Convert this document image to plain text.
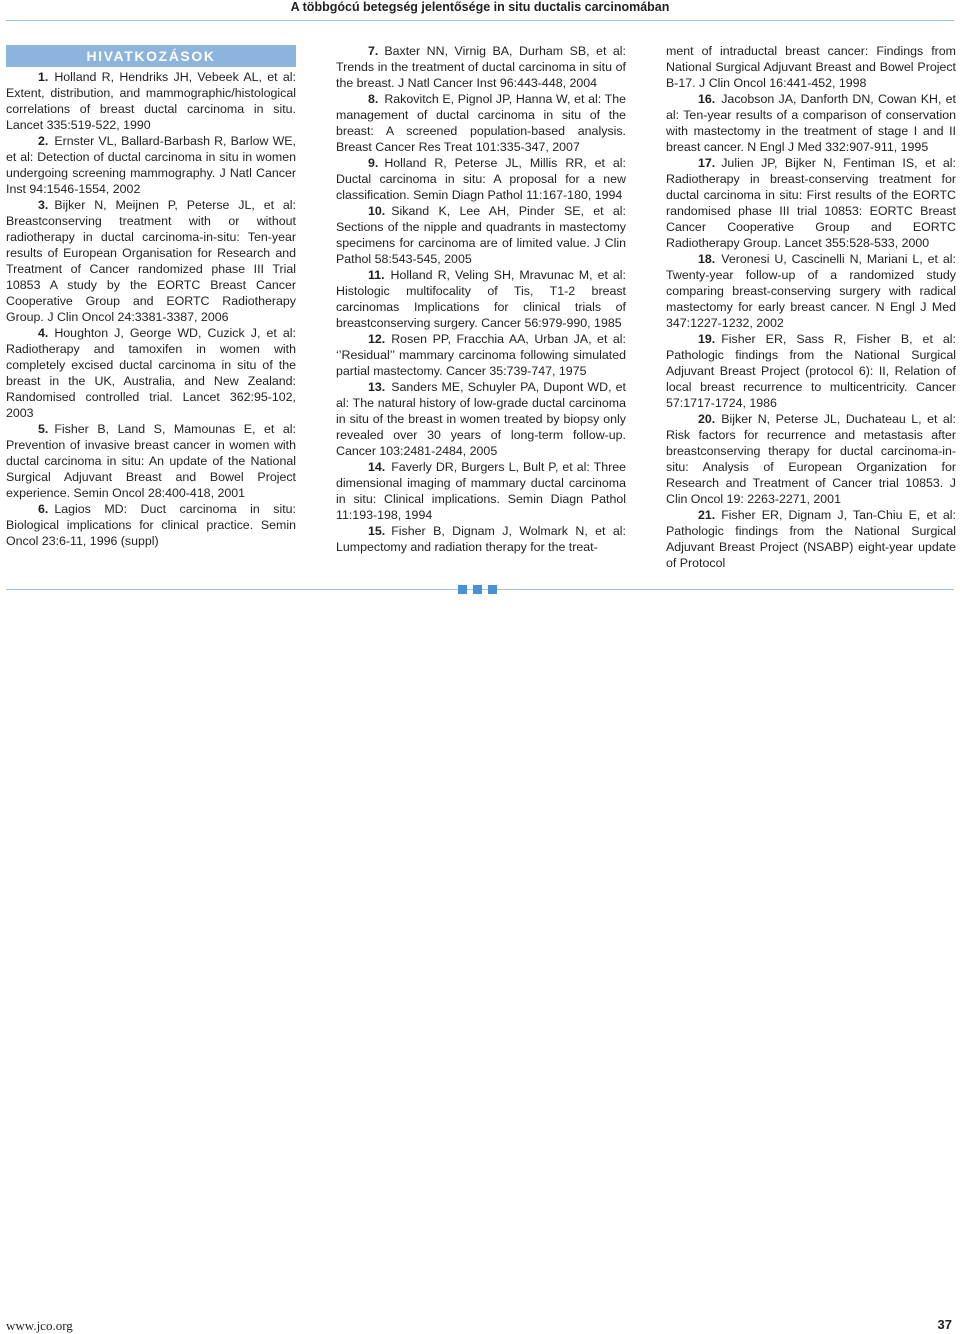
A többgócú betegség jelentősége in situ ductalis carcinomában
HIVATKOZÁSOK

1. Holland R, Hendriks JH, Vebeek AL, et al: Extent, distribution, and mammographic/histological correlations of breast ductal carcinoma in situ. Lancet 335:519-522, 1990

2. Ernster VL, Ballard-Barbash R, Barlow WE, et al: Detection of ductal carcinoma in situ in women undergoing screening mammography. J Natl Cancer Inst 94:1546-1554, 2002

3. Bijker N, Meijnen P, Peterse JL, et al: Breastconserving treatment with or without radiotherapy in ductal carcinoma-in-situ: Ten-year results of European Organisation for Research and Treatment of Cancer randomized phase III Trial 10853 A study by the EORTC Breast Cancer Cooperative Group and EORTC Radiotherapy Group. J Clin Oncol 24:3381-3387, 2006

4. Houghton J, George WD, Cuzick J, et al: Radiotherapy and tamoxifen in women with completely excised ductal carcinoma in situ of the breast in the UK, Australia, and New Zealand: Randomised controlled trial. Lancet 362:95-102, 2003

5. Fisher B, Land S, Mamounas E, et al: Prevention of invasive breast cancer in women with ductal carcinoma in situ: An update of the National Surgical Adjuvant Breast and Bowel Project experience. Semin Oncol 28:400-418, 2001

6. Lagios MD: Duct carcinoma in situ: Biological implications for clinical practice. Semin Oncol 23:6-11, 1996 (suppl)

7. Baxter NN, Virnig BA, Durham SB, et al: Trends in the treatment of ductal carcinoma in situ of the breast. J Natl Cancer Inst 96:443-448, 2004

8. Rakovitch E, Pignol JP, Hanna W, et al: The management of ductal carcinoma in situ of the breast: A screened population-based analysis. Breast Cancer Res Treat 101:335-347, 2007

9. Holland R, Peterse JL, Millis RR, et al: Ductal carcinoma in situ: A proposal for a new classification. Semin Diagn Pathol 11:167-180, 1994

10. Sikand K, Lee AH, Pinder SE, et al: Sections of the nipple and quadrants in mastectomy specimens for carcinoma are of limited value. J Clin Pathol 58:543-545, 2005

11. Holland R, Veling SH, Mravunac M, et al: Histologic multifocality of Tis, T1-2 breast carcinomas Implications for clinical trials of breastconserving surgery. Cancer 56:979-990, 1985

12. Rosen PP, Fracchia AA, Urban JA, et al: ‘’Residual’’ mammary carcinoma following simulated partial mastectomy. Cancer 35:739-747, 1975

13. Sanders ME, Schuyler PA, Dupont WD, et al: The natural history of low-grade ductal carcinoma in situ of the breast in women treated by biopsy only revealed over 30 years of long-term follow-up. Cancer 103:2481-2484, 2005

14. Faverly DR, Burgers L, Bult P, et al: Three dimensional imaging of mammary ductal carcinoma in situ: Clinical implications. Semin Diagn Pathol 11:193-198, 1994

15. Fisher B, Dignam J, Wolmark N, et al: Lumpectomy and radiation therapy for the treat-

ment of intraductal breast cancer: Findings from National Surgical Adjuvant Breast and Bowel Project B-17. J Clin Oncol 16:441-452, 1998

16. Jacobson JA, Danforth DN, Cowan KH, et al: Ten-year results of a comparison of conservation with mastectomy in the treatment of stage I and II breast cancer. N Engl J Med 332:907-911, 1995

17. Julien JP, Bijker N, Fentiman IS, et al: Radiotherapy in breast-conserving treatment for ductal carcinoma in situ: First results of the EORTC randomised phase III trial 10853: EORTC Breast Cancer Cooperative Group and EORTC Radiotherapy Group. Lancet 355:528-533, 2000

18. Veronesi U, Cascinelli N, Mariani L, et al: Twenty-year follow-up of a randomized study comparing breast-conserving surgery with radical mastectomy for early breast cancer. N Engl J Med 347:1227-1232, 2002

19. Fisher ER, Sass R, Fisher B, et al: Pathologic findings from the National Surgical Adjuvant Breast Project (protocol 6): II, Relation of local breast recurrence to multicentricity. Cancer 57:1717-1724, 1986

20. Bijker N, Peterse JL, Duchateau L, et al: Risk factors for recurrence and metastasis after breastconserving therapy for ductal carcinoma-in-situ: Analysis of European Organization for Research and Treatment of Cancer trial 10853. J Clin Oncol 19: 2263-2271, 2001

21. Fisher ER, Dignam J, Tan-Chiu E, et al: Pathologic findings from the National Surgical Adjuvant Breast Project (NSABP) eight-year update of Protocol

www.jco.org	37
